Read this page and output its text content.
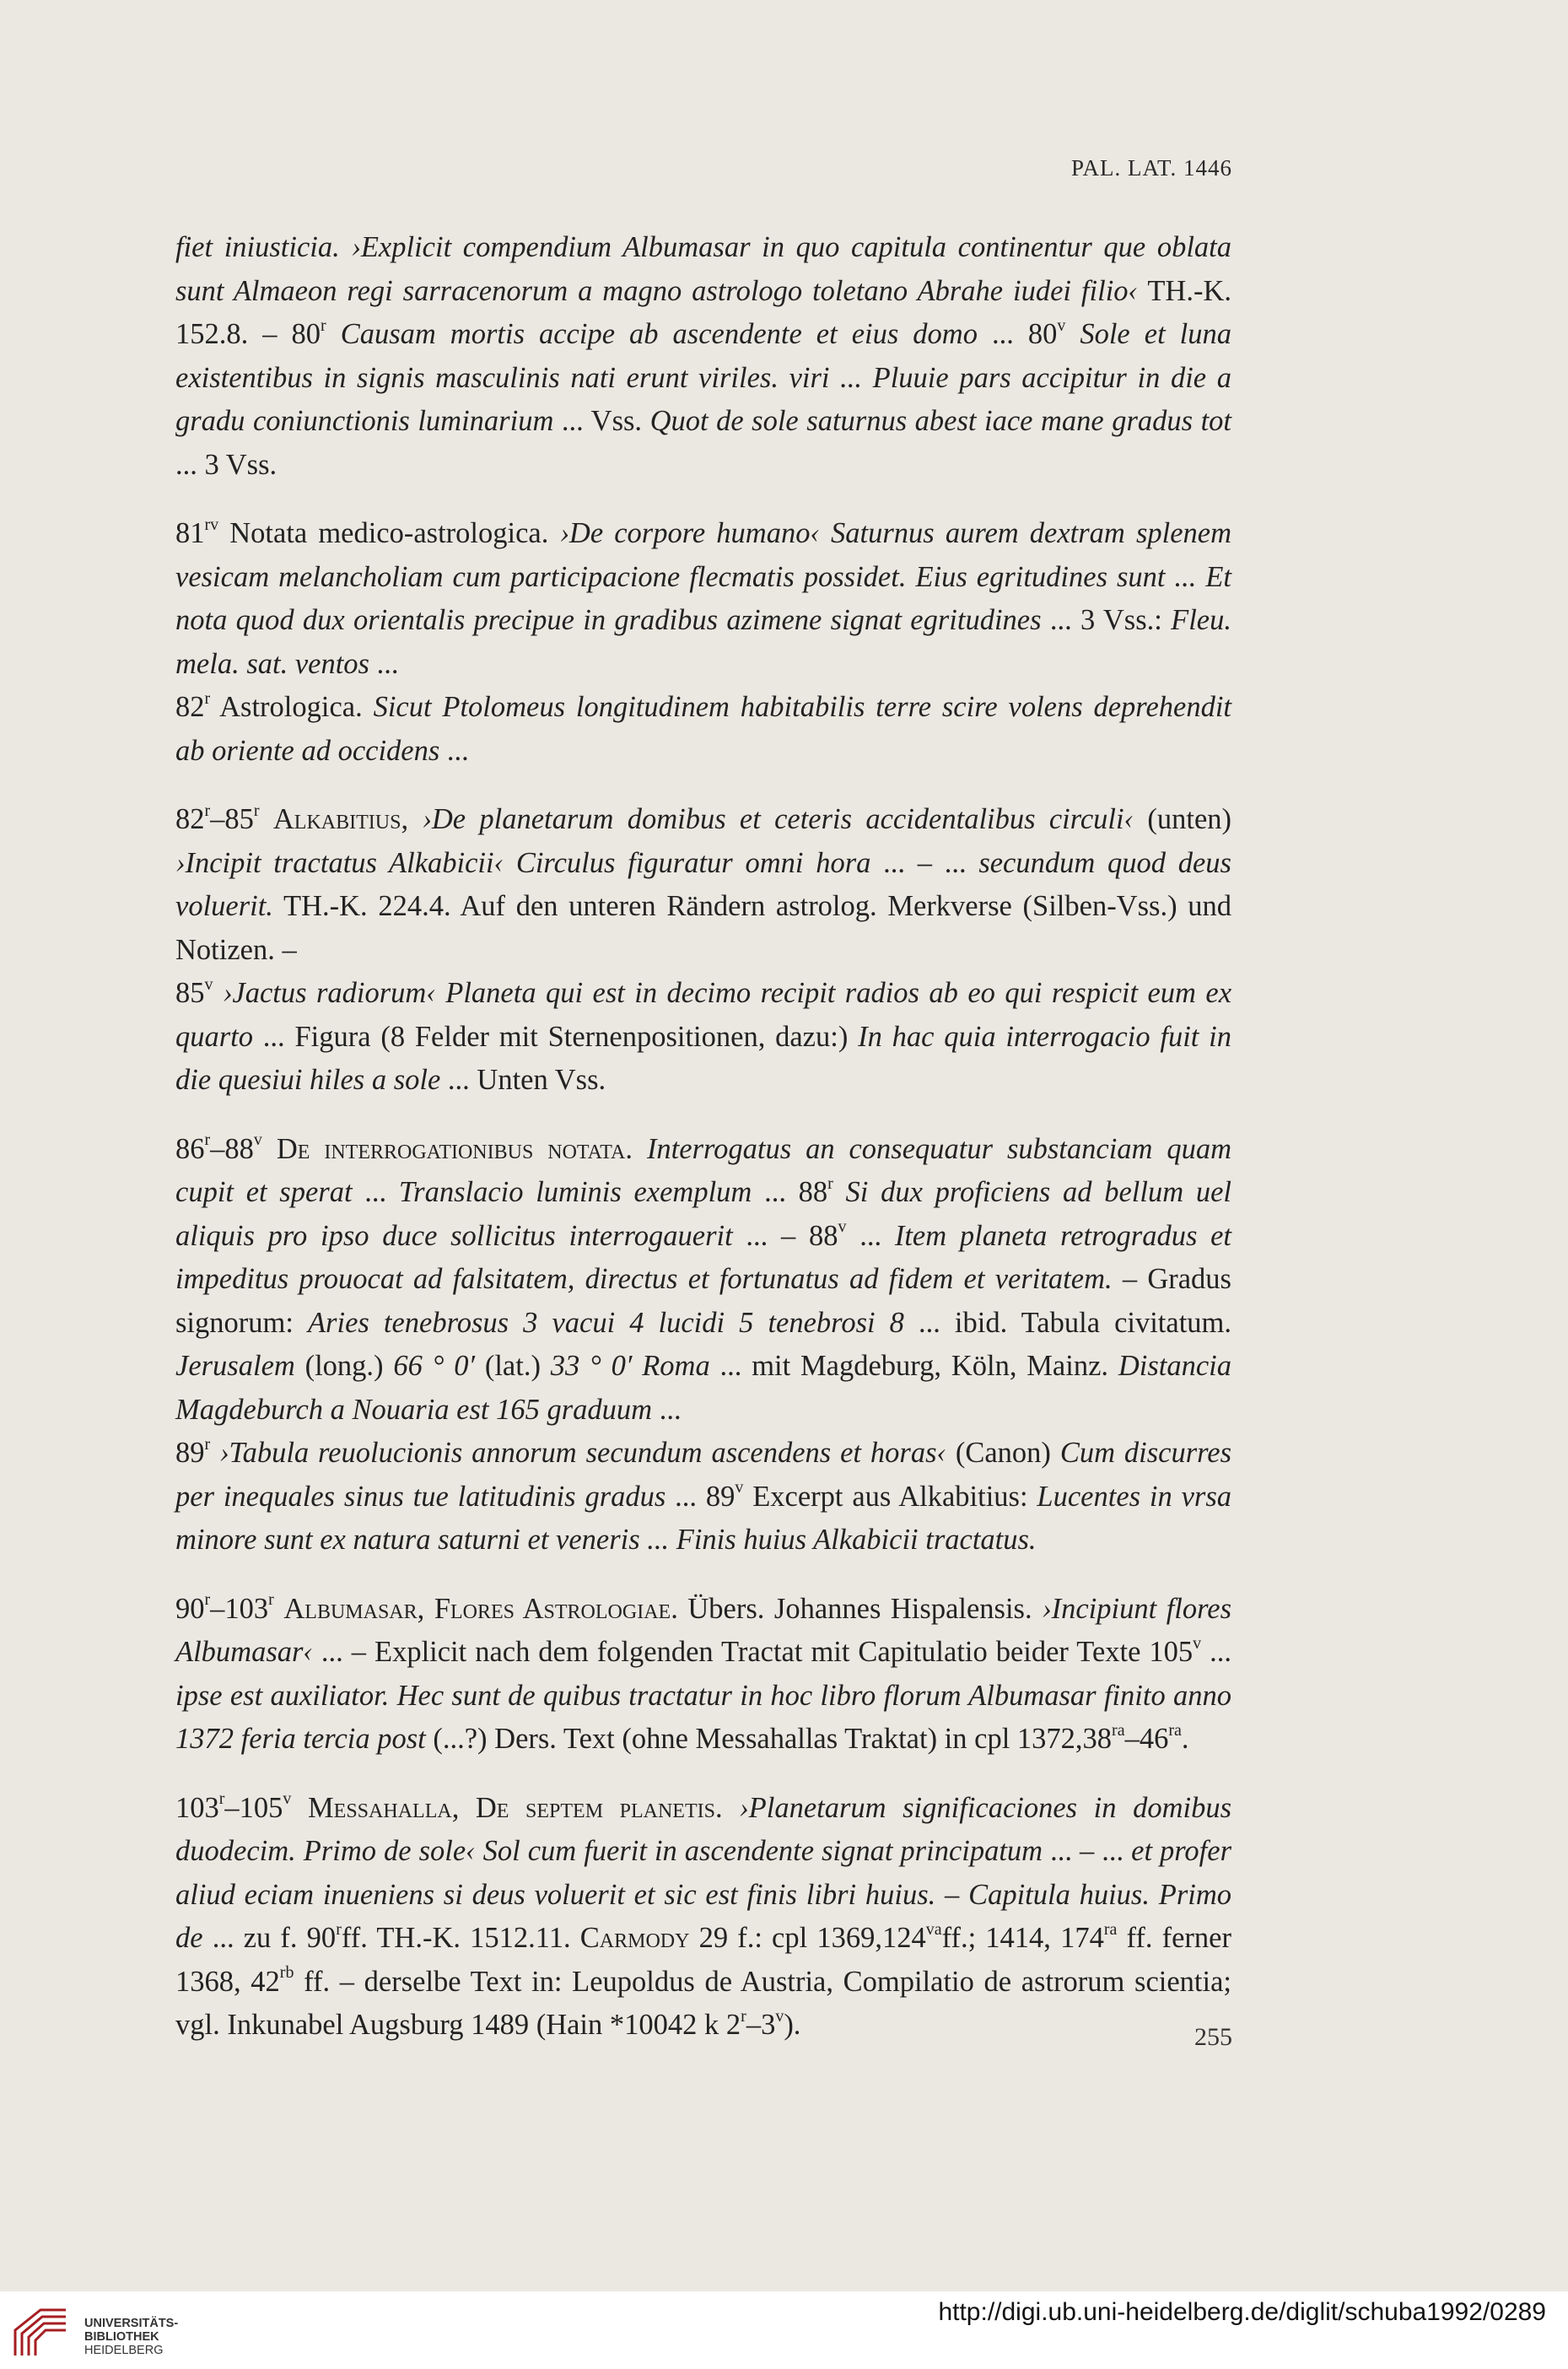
PAL. LAT. 1446

fiet iniusticia. ›Explicit compendium Albumasar in quo capitula continentur que oblata sunt Almaeon regi sarracenorum a magno astrologo toletano Abrahe iudei filio‹ TH.-K. 152.8. – 80$^r$ Causam mortis accipe ab ascendente et eius domo ... 80$^v$ Sole et luna existentibus in signis masculinis nati erunt viriles. viri ... Pluuie pars accipitur in die a gradu coniunctionis luminarium ... Vss. Quot de sole saturnus abest iace mane gradus tot ... 3 Vss.

$81^{rv}$ Notata medico-astrologica. ›De corpore humano‹ Saturnus aurem dextram splenem vesicam melancholiam cum participacione flecmatis possidet. Eius egritudines sunt ... Et nota quod dux orientalis precipue in gradibus azimene signat egritudines ... 3 Vss.: Fleu. mela. sat. ventos ...

82$^r$ Astrologica. Sicut Ptolomeus longitudinem habitabilis terre scire volens deprehendit ab oriente ad occidens ...

82$^r$–85$^r$ Alkabitius, ›De planetarum domibus et ceteris accidentalibus circuli‹ (unten) ›Incipit tractatus Alkabicii‹ Circulus figuratur omni hora ... – ... secundum quod deus voluerit. TH.-K. 224.4. Auf den unteren Rändern astrolog. Merkverse (Silben-Vss.) und Notizen. –

85$^v$ ›Jactus radiorum‹ Planeta qui est in decimo recipit radios ab eo qui respicit eum ex quarto ... Figura (8 Felder mit Sternenpositionen, dazu:) In hac quia interrogacio fuit in die quesiui hiles a sole ... Unten Vss.

86$^r$–88$^v$ De interrogationibus notata. Interrogatus an consequatur substanciam quam cupit et sperat ... Translacio luminis exemplum ... 88$^r$ Si dux proficiens ad bellum uel aliquis pro ipso duce sollicitus interrogauerit ... – 88$^v$ ... Item planeta retrogradus et impeditus prouocat ad falsitatem, directus et fortunatus ad fidem et veritatem. – Gradus signorum: Aries tenebrosus 3 vacui 4 lucidi 5 tenebrosi 8 ... ibid. Tabula civitatum. Jerusalem (long.) 66 ° 0′ (lat.) 33 ° 0′ Roma ... mit Magdeburg, Köln, Mainz. Distancia Magdeburch a Nouaria est 165 graduum ...

89$^r$ ›Tabula reuolucionis annorum secundum ascendens et horas‹ (Canon) Cum discurres per inequales sinus tue latitudinis gradus ... 89$^v$ Excerpt aus Alkabitius: Lucentes in vrsa minore sunt ex natura saturni et veneris ... Finis huius Alkabicii tractatus.

90$^r$–103$^r$ Albumasar, Flores Astrologiae. Übers. Johannes Hispalensis. ›Incipiunt flores Albumasar‹ ... – Explicit nach dem folgenden Tractat mit Capitulatio beider Texte 105$^v$ ... ipse est auxiliator. Hec sunt de quibus tractatur in hoc libro florum Albumasar finito anno 1372 feria tercia post (...?) Ders. Text (ohne Messahallas Traktat) in cpl $1372,38^{ra}-46^{ra}$.

103$^r$–105$^v$ Messahalla, De septem planetis. ›Planetarum significaciones in domibus duodecim. Primo de sole‹ Sol cum fuerit in ascendente signat principatum ... – ... et profer aliud eciam inueniens si deus voluerit et sic est finis libri huius. – Capitula huius. Primo de ... zu f. 90$^r$ff. TH.-K. 1512.11. Carmody 29 f.: cpl $1369,124^{va}ff$.; 1414, $174^{ra}$ ff. ferner 1368, $42^{rb}$ ff. – derselbe Text in: Leupoldus de Austria, Compilatio de astrorum scientia; vgl. Inkunabel Augsburg 1489 (Hain *10042 k 2$^r$–3$^v$).	255
UNIVERSITÄTS-
BIBLIOTHEK
HEIDELBERG
http://digi.ub.uni-heidelberg.de/diglit/schuba1992/0289
